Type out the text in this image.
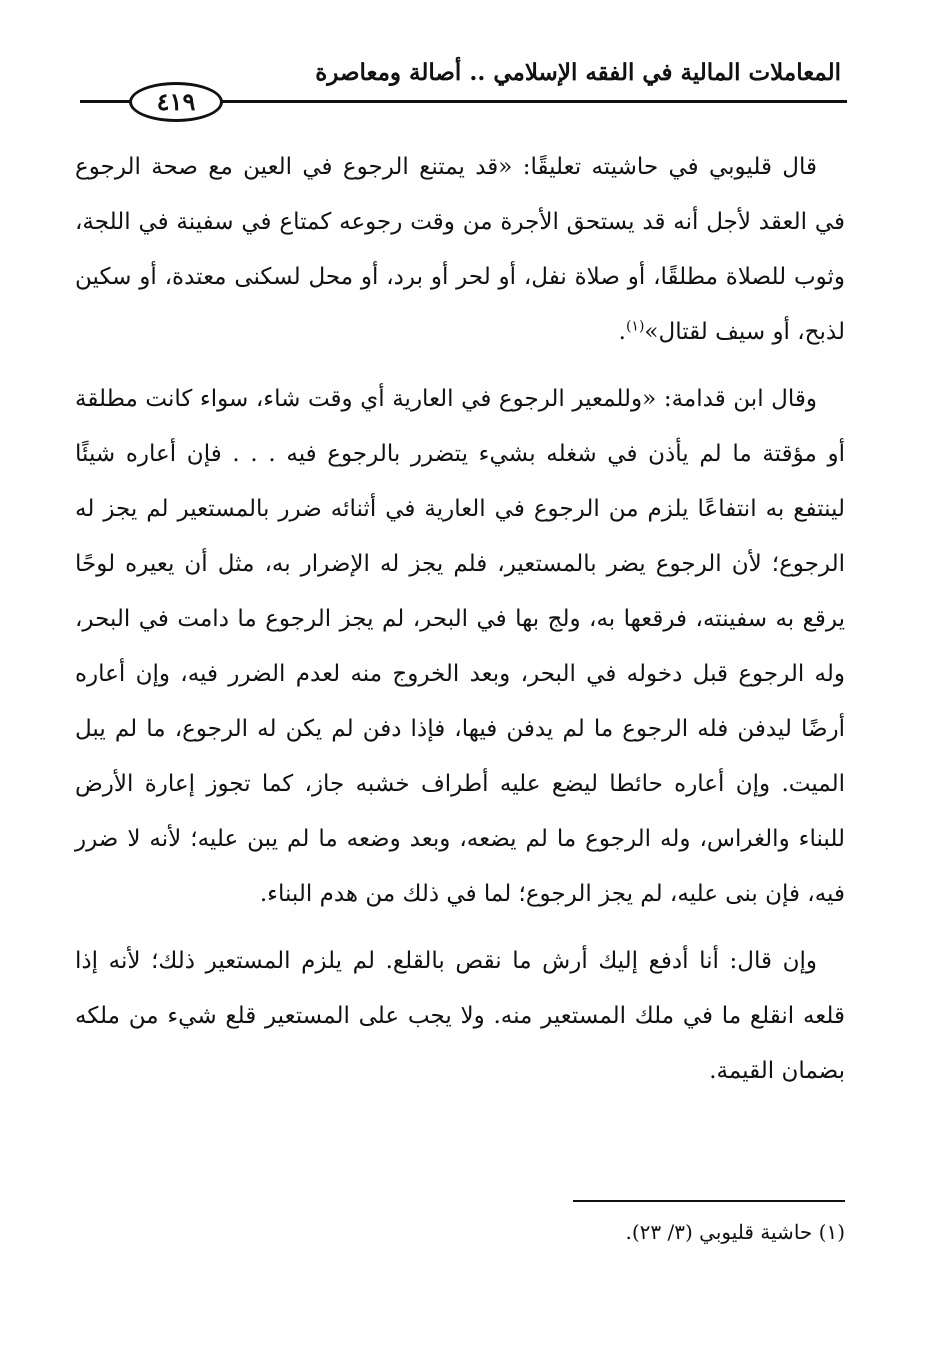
المعاملات المالية في الفقه الإسلامي .. أصالة ومعاصرة
٤١٩

قال قليوبي في حاشيته تعليقًا: «قد يمتنع الرجوع في العين مع صحة الرجوع في العقد لأجل أنه قد يستحق الأجرة من وقت رجوعه كمتاع في سفينة في اللجة، وثوب للصلاة مطلقًا، أو صلاة نفل، أو لحر أو برد، أو محل لسكنى معتدة، أو سكين لذبح، أو سيف لقتال»$^{(١)}$.

وقال ابن قدامة: «وللمعير الرجوع في العارية أي وقت شاء، سواء كانت مطلقة أو مؤقتة ما لم يأذن في شغله بشيء يتضرر بالرجوع فيه . . . فإن أعاره شيئًا لينتفع به انتفاعًا يلزم من الرجوع في العارية في أثنائه ضرر بالمستعير لم يجز له الرجوع؛ لأن الرجوع يضر بالمستعير، فلم يجز له الإضرار به، مثل أن يعيره لوحًا يرقع به سفينته، فرقعها به، ولج بها في البحر، لم يجز الرجوع ما دامت في البحر، وله الرجوع قبل دخوله في البحر، وبعد الخروج منه لعدم الضرر فيه، وإن أعاره أرضًا ليدفن فله الرجوع ما لم يدفن فيها، فإذا دفن لم يكن له الرجوع، ما لم يبل الميت. وإن أعاره حائطا ليضع عليه أطراف خشبه جاز، كما تجوز إعارة الأرض للبناء والغراس، وله الرجوع ما لم يضعه، وبعد وضعه ما لم يبن عليه؛ لأنه لا ضرر فيه، فإن بنى عليه، لم يجز الرجوع؛ لما في ذلك من هدم البناء.

وإن قال: أنا أدفع إليك أرش ما نقص بالقلع. لم يلزم المستعير ذلك؛ لأنه إذا قلعه انقلع ما في ملك المستعير منه. ولا يجب على المستعير قلع شيء من ملكه بضمان القيمة.

(١) حاشية قليوبي (٣/ ٢٣).
